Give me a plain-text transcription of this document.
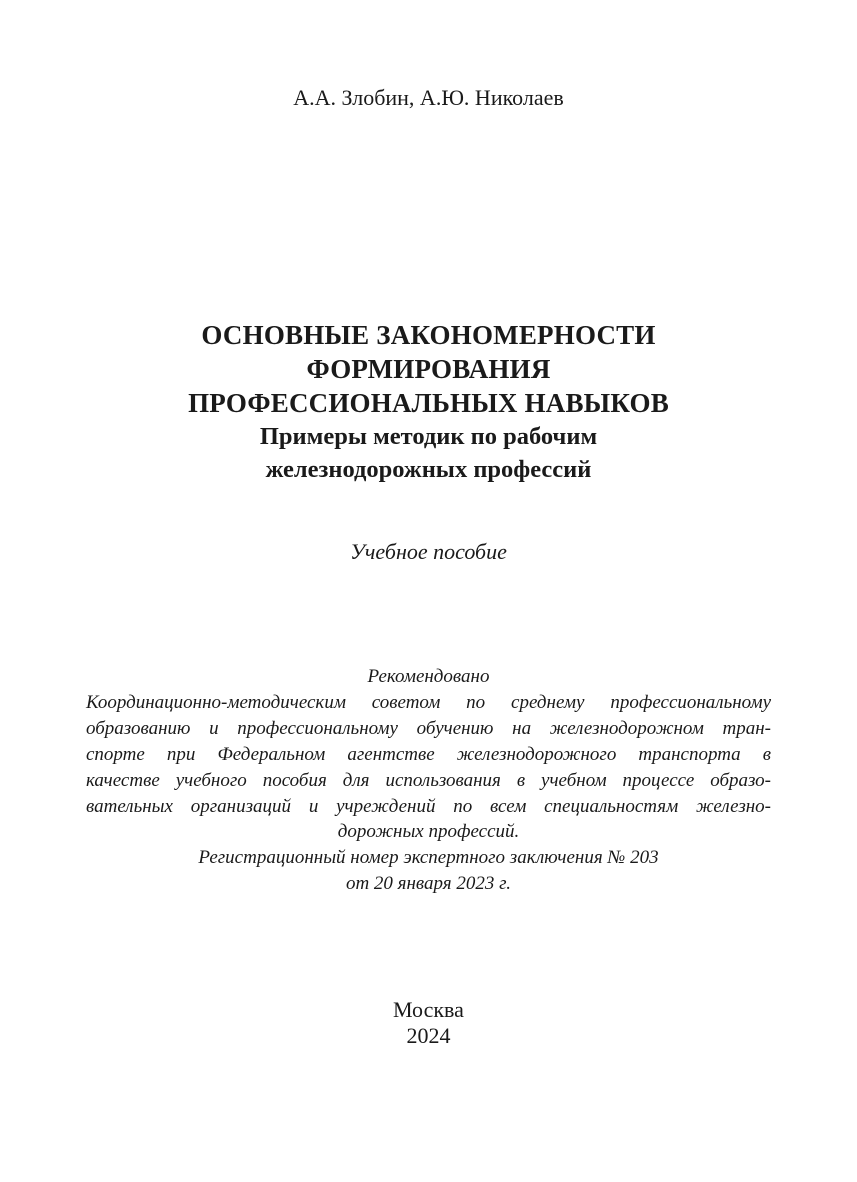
А.А. Злобин, А.Ю. Николаев
ОСНОВНЫЕ ЗАКОНОМЕРНОСТИ
ФОРМИРОВАНИЯ
ПРОФЕССИОНАЛЬНЫХ НАВЫКОВ
Примеры методик по рабочим
железнодорожных профессий
Учебное пособие
Рекомендовано
Координационно-методическим советом по среднему профессиональному
образованию и профессиональному обучению на железнодорожном тран-
спорте при Федеральном агентстве железнодорожного транспорта в
качестве учебного пособия для использования в учебном процессе образо-
вательных организаций и учреждений по всем специальностям железно-
дорожных профессий.
Регистрационный номер экспертного заключения № 203
от 20 января 2023 г.
Москва
2024
